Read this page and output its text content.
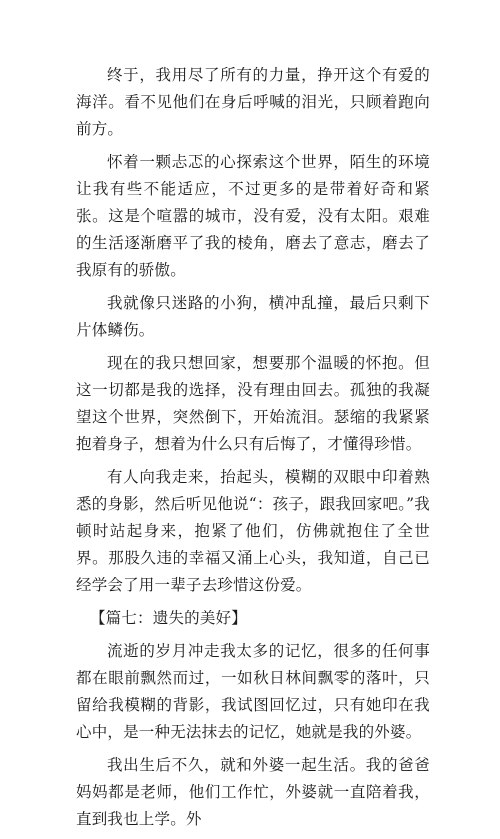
终于，我用尽了所有的力量，挣开这个有爱的海洋。看不见他们在身后呼喊的泪光，只顾着跑向前方。

怀着一颗忐忑的心探索这个世界，陌生的环境让我有些不能适应，不过更多的是带着好奇和紧张。这是个喧嚣的城市，没有爱，没有太阳。艰难的生活逐渐磨平了我的棱角，磨去了意志，磨去了我原有的骄傲。

我就像只迷路的小狗，横冲乱撞，最后只剩下片体鳞伤。

现在的我只想回家，想要那个温暖的怀抱。但这一切都是我的选择，没有理由回去。孤独的我凝望这个世界，突然倒下，开始流泪。瑟缩的我紧紧抱着身子，想着为什么只有后悔了，才懂得珍惜。

有人向我走来，抬起头，模糊的双眼中印着熟悉的身影，然后听见他说“：孩子，跟我回家吧。”我顿时站起身来，抱紧了他们，仿佛就抱住了全世界。那股久违的幸福又涌上心头，我知道，自己已经学会了用一辈子去珍惜这份爱。

【篇七：遗失的美好】

流逝的岁月冲走我太多的记忆，很多的任何事都在眼前飘然而过，一如秋日林间飘零的落叶，只留给我模糊的背影，我试图回忆过，只有她印在我心中，是一种无法抹去的记忆，她就是我的外婆。

我出生后不久，就和外婆一起生活。我的爸爸妈妈都是老师，他们工作忙，外婆就一直陪着我，直到我也上学。外
